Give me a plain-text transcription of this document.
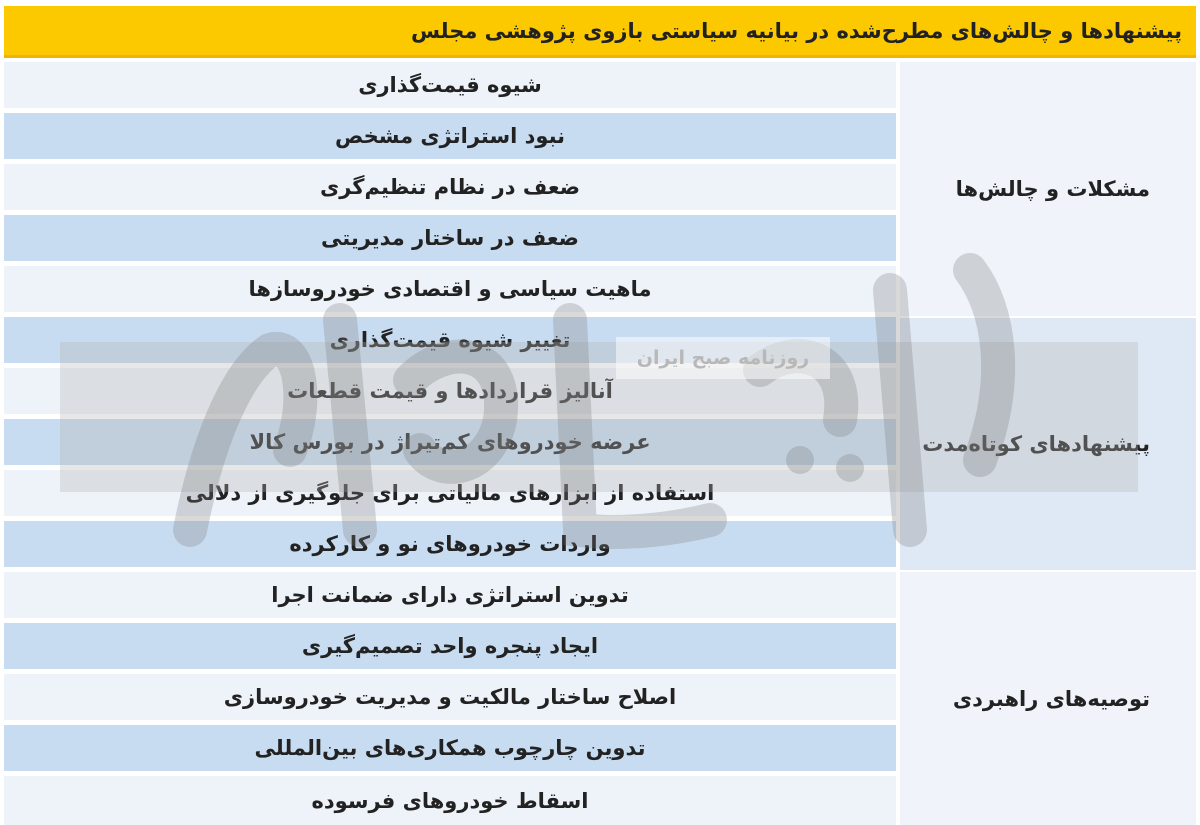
پیشنهادها و چالش‌های مطرح‌شده در بیانیه سیاستی بازوی پژوهشی مجلس
مشکلات و چالش‌ها
پیشنهادهای کوتاه‌مدت
توصیه‌های راهبردی
شیوه قیمت‌گذاری
نبود استراتژی مشخص
ضعف در نظام تنظیم‌گری
ضعف در ساختار مدیریتی
ماهیت سیاسی و اقتصادی خودروسازها
تغییر شیوه قیمت‌گذاری
آنالیز قراردادها و قیمت قطعات
عرضه خودروهای کم‌تیراژ در بورس کالا
استفاده از ابزارهای مالیاتی برای جلوگیری از دلالی
واردات خودروهای نو و کارکرده
تدوین استراتژی دارای ضمانت اجرا
ایجاد پنجره واحد تصمیم‌گیری
اصلاح ساختار مالکیت و مدیریت خودروسازی
تدوین چارچوب همکاری‌های بین‌المللی
اسقاط خودروهای فرسوده
روزنامه صبح ایران
